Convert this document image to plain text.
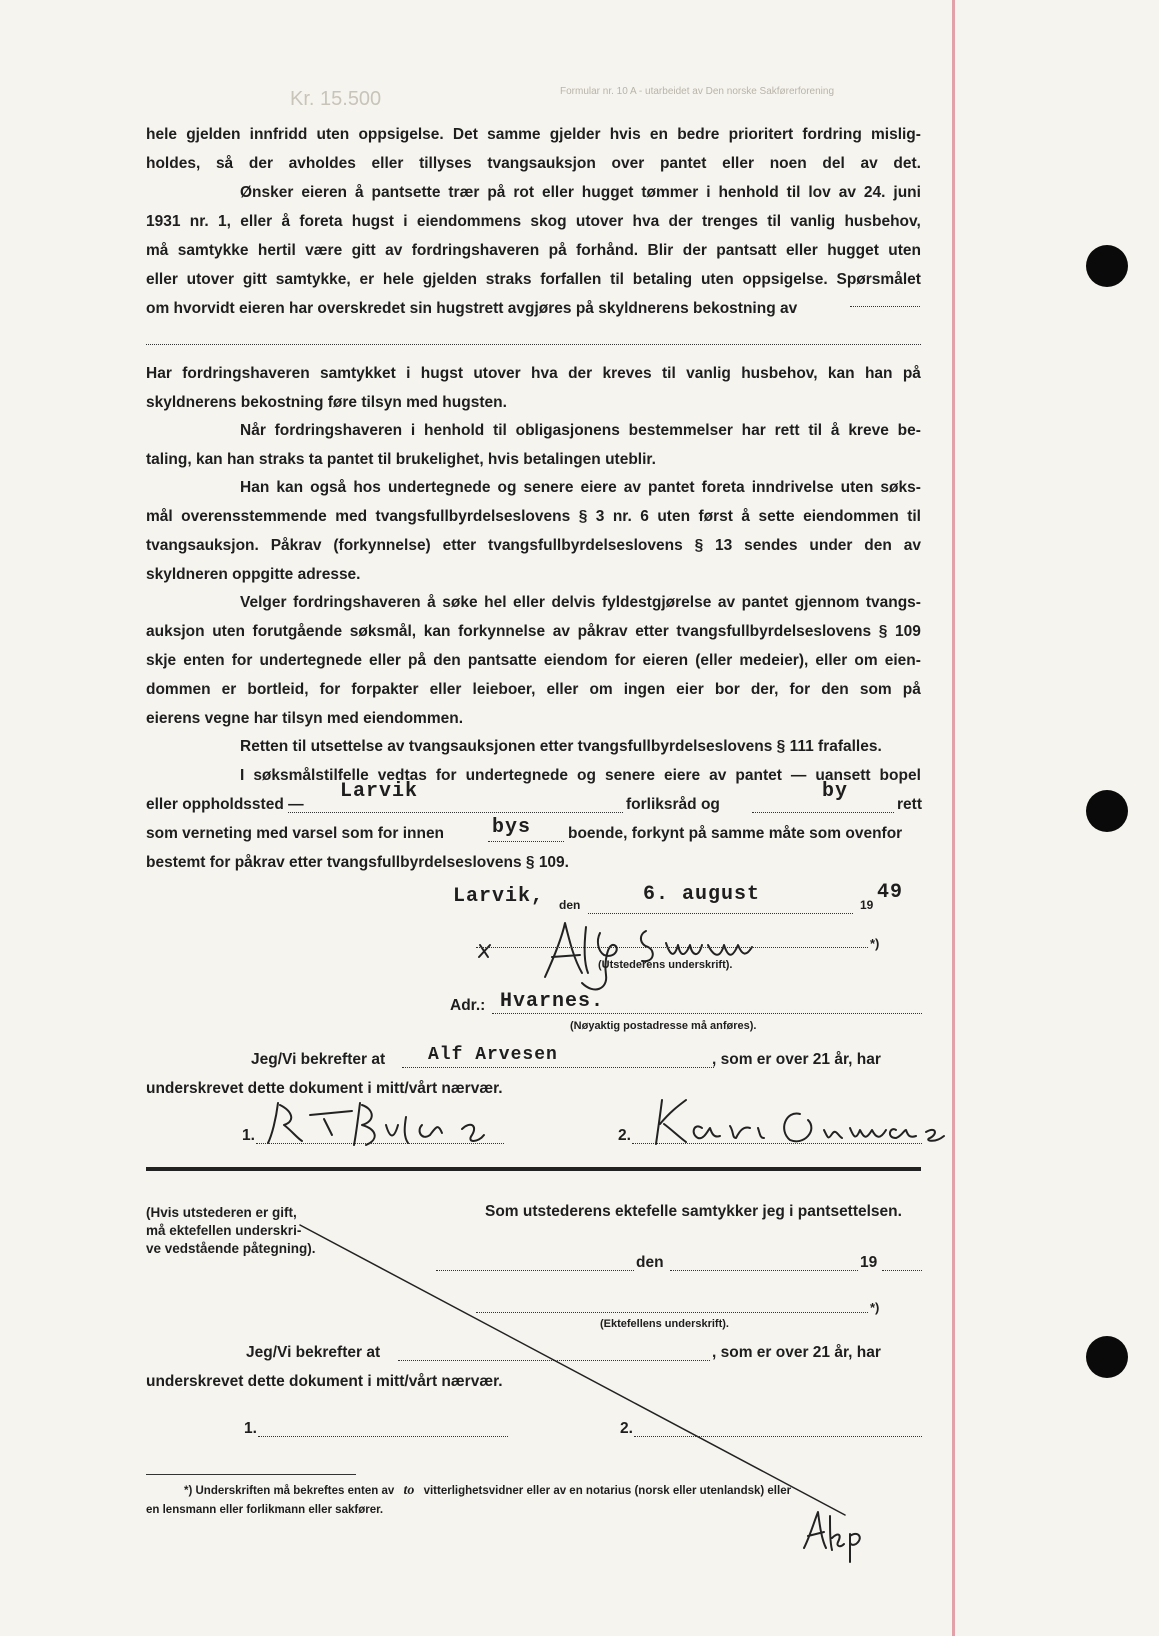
Formular nr. 10 A - utarbeidet av Den norske Sakførerforening
Kr. 15.500
hele gjelden innfridd uten oppsigelse. Det samme gjelder hvis en bedre prioritert fordring mislig-
holdes, så der avholdes eller tillyses tvangsauksjon over pantet eller noen del av det.
Ønsker eieren å pantsette trær på rot eller hugget tømmer i henhold til lov av 24. juni
1931 nr. 1, eller å foreta hugst i eiendommens skog utover hva der trenges til vanlig husbehov,
må samtykke hertil være gitt av fordringshaveren på forhånd. Blir der pantsatt eller hugget uten
eller utover gitt samtykke, er hele gjelden straks forfallen til betaling uten oppsigelse. Spørsmålet
om hvorvidt eieren har overskredet sin hugstrett avgjøres på skyldnerens bekostning av
Har fordringshaveren samtykket i hugst utover hva der kreves til vanlig husbehov, kan han på
skyldnerens bekostning føre tilsyn med hugsten.
Når fordringshaveren i henhold til obligasjonens bestemmelser har rett til å kreve be-
taling, kan han straks ta pantet til brukelighet, hvis betalingen uteblir.
Han kan også hos undertegnede og senere eiere av pantet foreta inndrivelse uten søks-
mål overensstemmende med tvangsfullbyrdelseslovens § 3 nr. 6 uten først å sette eiendommen til
tvangsauksjon. Påkrav (forkynnelse) etter tvangsfullbyrdelseslovens § 13 sendes under den av
skyldneren oppgitte adresse.
Velger fordringshaveren å søke hel eller delvis fyldestgjørelse av pantet gjennom tvangs-
auksjon uten forutgående søksmål, kan forkynnelse av påkrav etter tvangsfullbyrdelseslovens § 109
skje enten for undertegnede eller på den pantsatte eiendom for eieren (eller medeier), eller om eien-
dommen er bortleid, for forpakter eller leieboer, eller om ingen eier bor der, for den som på
eierens vegne har tilsyn med eiendommen.
Retten til utsettelse av tvangsauksjonen etter tvangsfullbyrdelseslovens § 111 frafalles.
I søksmålstilfelle vedtas for undertegnede og senere eiere av pantet — uansett bopel
eller oppholdssted —
Larvik
forliksråd og
by
rett
som verneting med varsel som for innen bys boende, forkynt på samme måte som ovenfor
bestemt for påkrav etter tvangsfullbyrdelseslovens § 109.
Larvik, den	6. august	19
49
*)
(Utstederens underskrift).
Adr.: Hvarnes.
(Nøyaktig postadresse må anføres).
Jeg/Vi bekrefter at Alf Arvesen	, som er over 21 år, har
underskrevet dette dokument i mitt/vårt nærvær.
1.	2.
(Hvis utstederen er gift,
må ektefellen underskri-
ve vedstående påtegning).
Som utstederens ektefelle samtykker jeg i pantsettelsen.
den	19
*)
(Ektefellens underskrift).
Jeg/Vi bekrefter at	, som er over 21 år, har
underskrevet dette dokument i mitt/vårt nærvær.
1.	2.
*) Underskriften må bekreftes enten av to vitterlighetsvidner eller av en notarius (norsk eller utenlandsk) eller
en lensmann eller forlikmann eller sakfører.
